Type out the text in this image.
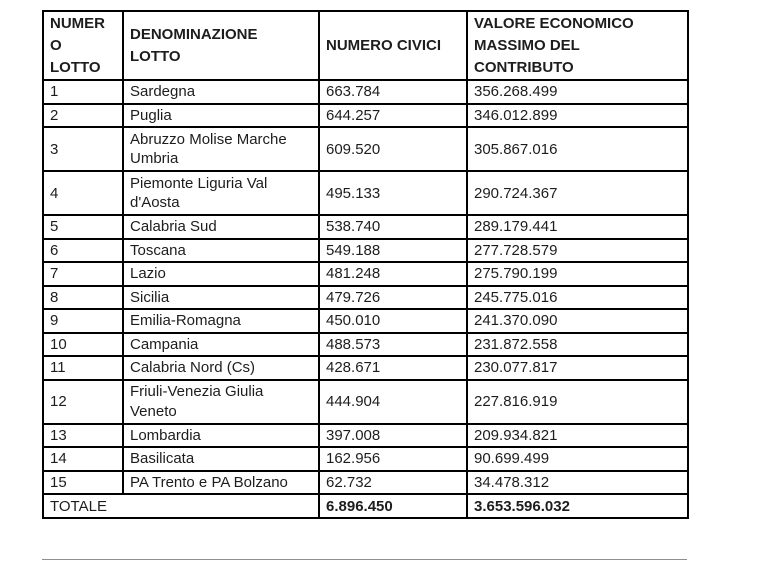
NUMERO LOTTO	DENOMINAZIONE LOTTO	NUMERO CIVICI	VALORE ECONOMICO MASSIMO DEL CONTRIBUTO
1	Sardegna	663.784	356.268.499
2	Puglia	644.257	346.012.899
3	Abruzzo Molise Marche Umbria	609.520	305.867.016
4	Piemonte Liguria Val d'Aosta	495.133	290.724.367
5	Calabria Sud	538.740	289.179.441
6	Toscana	549.188	277.728.579
7	Lazio	481.248	275.790.199
8	Sicilia	479.726	245.775.016
9	Emilia-Romagna	450.010	241.370.090
10	Campania	488.573	231.872.558
11	Calabria Nord (Cs)	428.671	230.077.817
12	Friuli-Venezia Giulia Veneto	444.904	227.816.919
13	Lombardia	397.008	209.934.821
14	Basilicata	162.956	90.699.499
15	PA Trento e PA Bolzano	62.732	34.478.312
TOTALE		6.896.450	3.653.596.032
